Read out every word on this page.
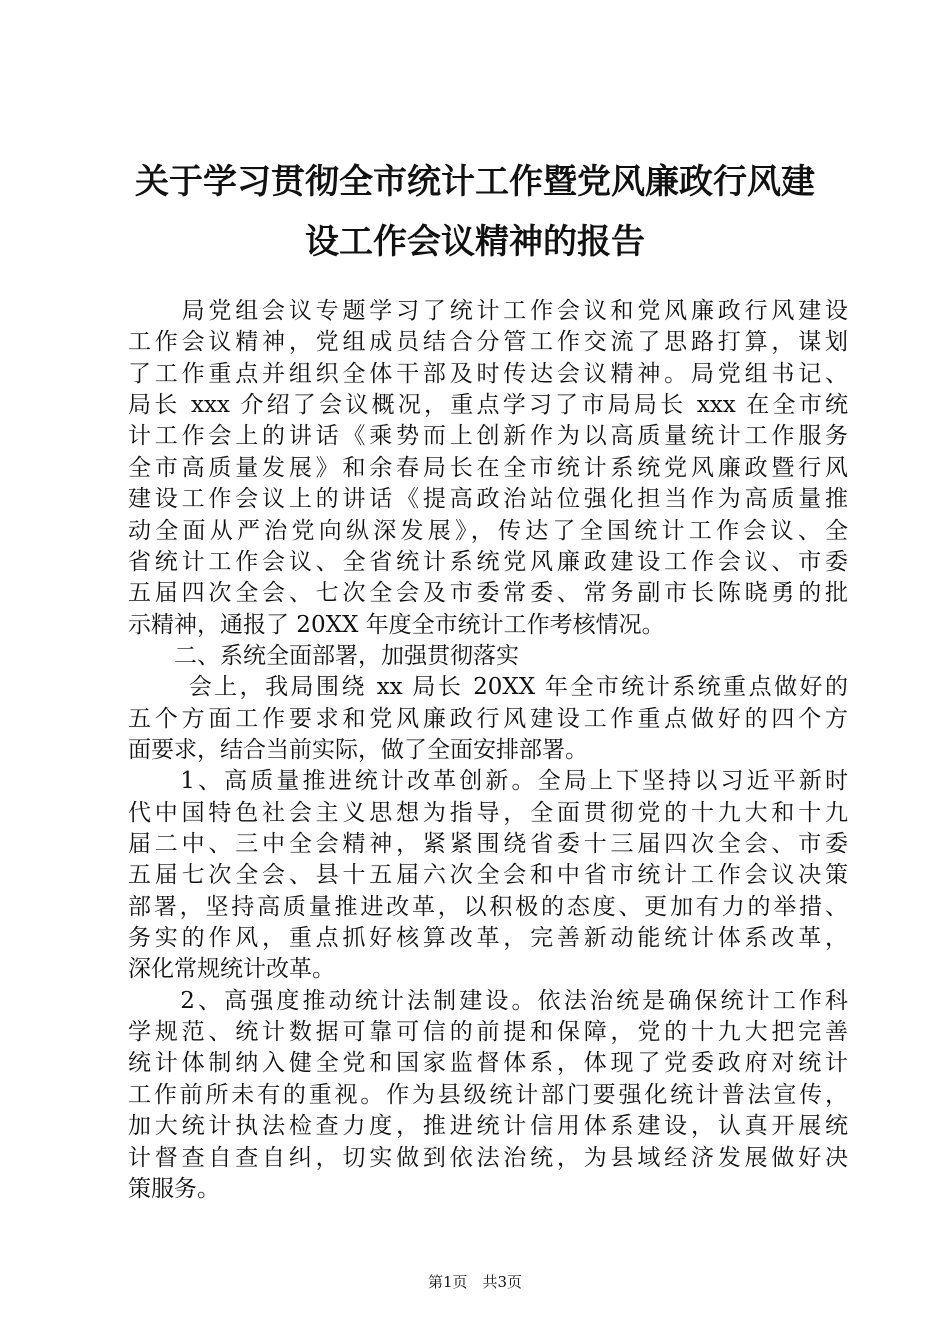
关于学习贯彻全市统计工作暨党风廉政行风建
设工作会议精神的报告
　　局党组会议专题学习了统计工作会议和党风廉政行风建设
工作会议精神，党组成员结合分管工作交流了思路打算，谋划
了工作重点并组织全体干部及时传达会议精神。局党组书记、
局长 xxx 介绍了会议概况，重点学习了市局局长 xxx 在全市统
计工作会上的讲话《乘势而上创新作为以高质量统计工作服务
全市高质量发展》和余春局长在全市统计系统党风廉政暨行风
建设工作会议上的讲话《提高政治站位强化担当作为高质量推
动全面从严治党向纵深发展》，传达了全国统计工作会议、全
省统计工作会议、全省统计系统党风廉政建设工作会议、市委
五届四次全会、七次全会及市委常委、常务副市长陈晓勇的批
示精神，通报了 20XX 年度全市统计工作考核情况。
　　二、系统全面部署，加强贯彻落实
　　 会上，我局围绕 xx 局长 20XX 年全市统计系统重点做好的
五个方面工作要求和党风廉政行风建设工作重点做好的四个方
面要求，结合当前实际，做了全面安排部署。
　　1、高质量推进统计改革创新。全局上下坚持以习近平新时
代中国特色社会主义思想为指导，全面贯彻党的十九大和十九
届二中、三中全会精神，紧紧围绕省委十三届四次全会、市委
五届七次全会、县十五届六次全会和中省市统计工作会议决策
部署，坚持高质量推进改革，以积极的态度、更加有力的举措、
务实的作风，重点抓好核算改革，完善新动能统计体系改革，
深化常规统计改革。
　　2、高强度推动统计法制建设。依法治统是确保统计工作科
学规范、统计数据可靠可信的前提和保障，党的十九大把完善
统计体制纳入健全党和国家监督体系，体现了党委政府对统计
工作前所未有的重视。作为县级统计部门要强化统计普法宣传，
加大统计执法检查力度，推进统计信用体系建设，认真开展统
计督查自查自纠，切实做到依法治统，为县域经济发展做好决
策服务。
第1页　共3页
